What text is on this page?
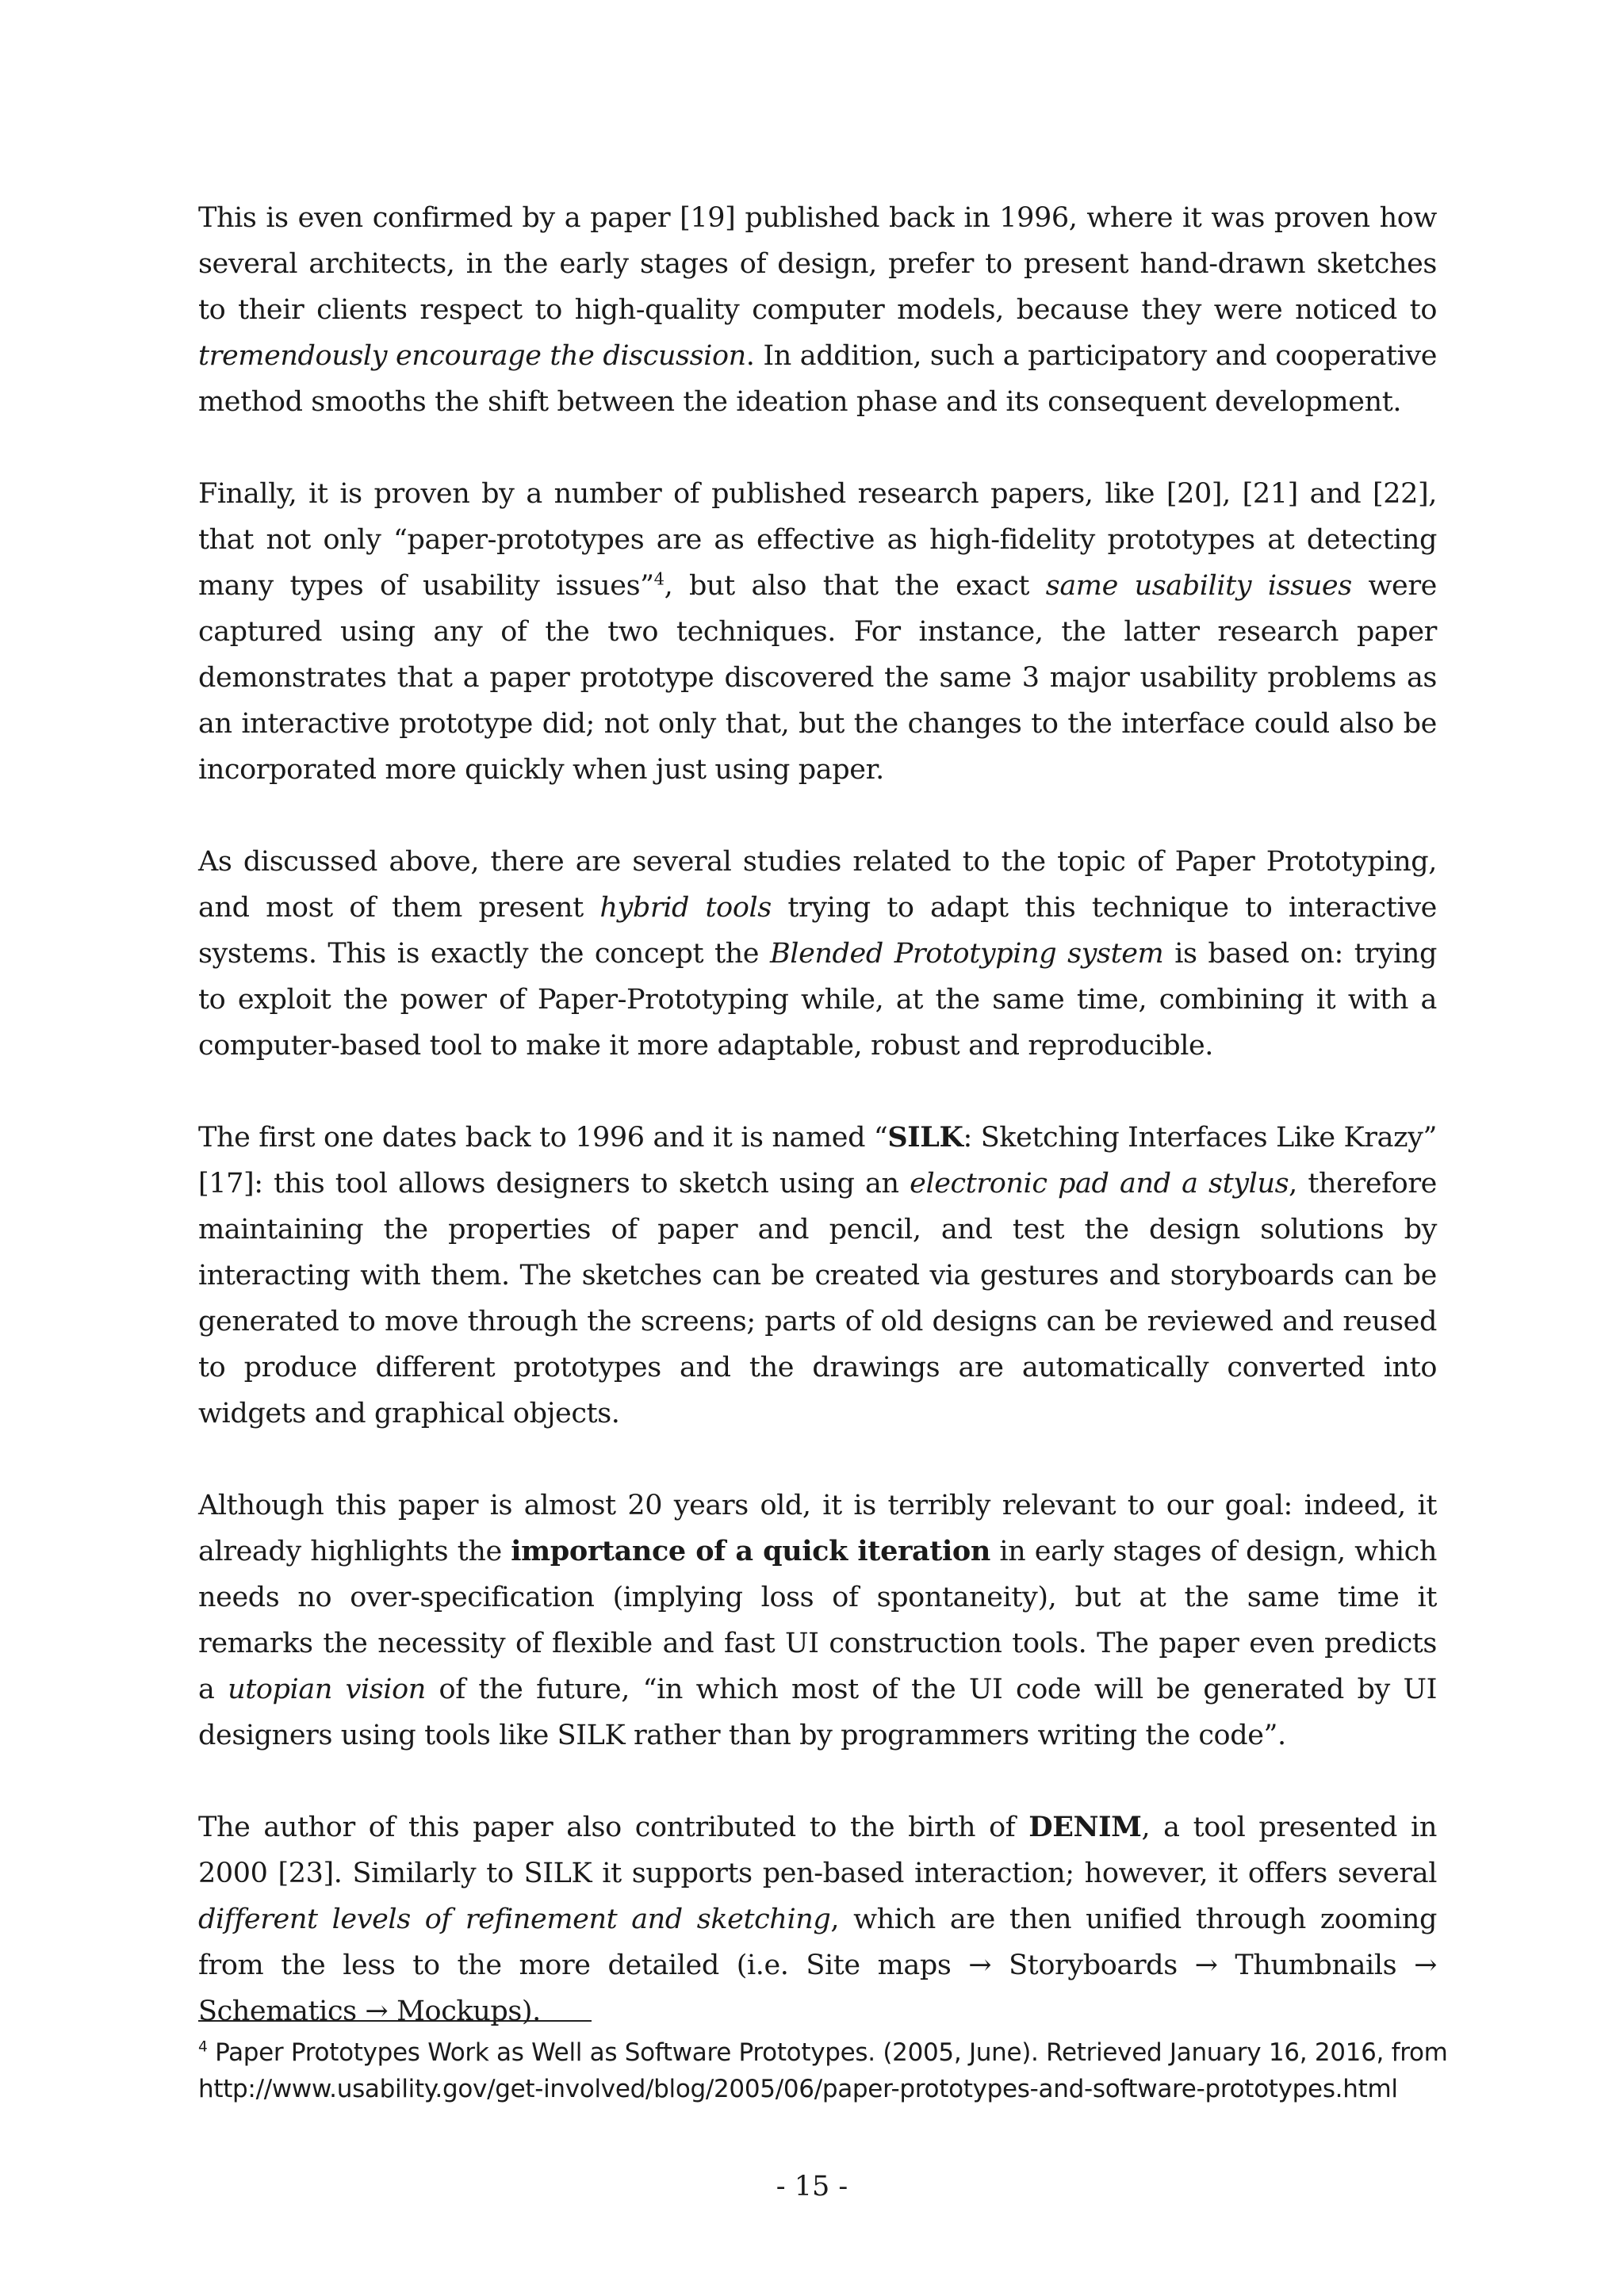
This is even confirmed by a paper [19] published back in 1996, where it was proven how several architects, in the early stages of design, prefer to present hand-drawn sketches to their clients respect to high-quality computer models, because they were noticed to tremendously encourage the discussion. In addition, such a participatory and cooperative method smooths the shift between the ideation phase and its consequent development.

Finally, it is proven by a number of published research papers, like [20], [21] and [22], that not only “paper-prototypes are as effective as high-fidelity prototypes at detecting many types of usability issues”$^4$, but also that the exact same usability issues were captured using any of the two techniques. For instance, the latter research paper demonstrates that a paper prototype discovered the same 3 major usability problems as an interactive prototype did; not only that, but the changes to the interface could also be incorporated more quickly when just using paper.

As discussed above, there are several studies related to the topic of Paper Prototyping, and most of them present hybrid tools trying to adapt this technique to interactive systems. This is exactly the concept the Blended Prototyping system is based on: trying to exploit the power of Paper-Prototyping while, at the same time, combining it with a computer-based tool to make it more adaptable, robust and reproducible.

The first one dates back to 1996 and it is named “SILK: Sketching Interfaces Like Krazy” [17]: this tool allows designers to sketch using an electronic pad and a stylus, therefore maintaining the properties of paper and pencil, and test the design solutions by interacting with them. The sketches can be created via gestures and storyboards can be generated to move through the screens; parts of old designs can be reviewed and reused to produce different prototypes and the drawings are automatically converted into widgets and graphical objects.

Although this paper is almost 20 years old, it is terribly relevant to our goal: indeed, it already highlights the importance of a quick iteration in early stages of design, which needs no over-specification (implying loss of spontaneity), but at the same time it remarks the necessity of flexible and fast UI construction tools. The paper even predicts a utopian vision of the future, “in which most of the UI code will be generated by UI designers using tools like SILK rather than by programmers writing the code”.

The author of this paper also contributed to the birth of DENIM, a tool presented in 2000 [23]. Similarly to SILK it supports pen-based interaction; however, it offers several different levels of refinement and sketching, which are then unified through zooming from the less to the more detailed (i.e. Site maps → Storyboards → Thumbnails → Schematics → Mockups).

$^4$ Paper Prototypes Work as Well as Software Prototypes. (2005, June). Retrieved January 16, 2016, from
http://www.usability.gov/get-involved/blog/2005/06/paper-prototypes-and-software-prototypes.html
- 15 -
